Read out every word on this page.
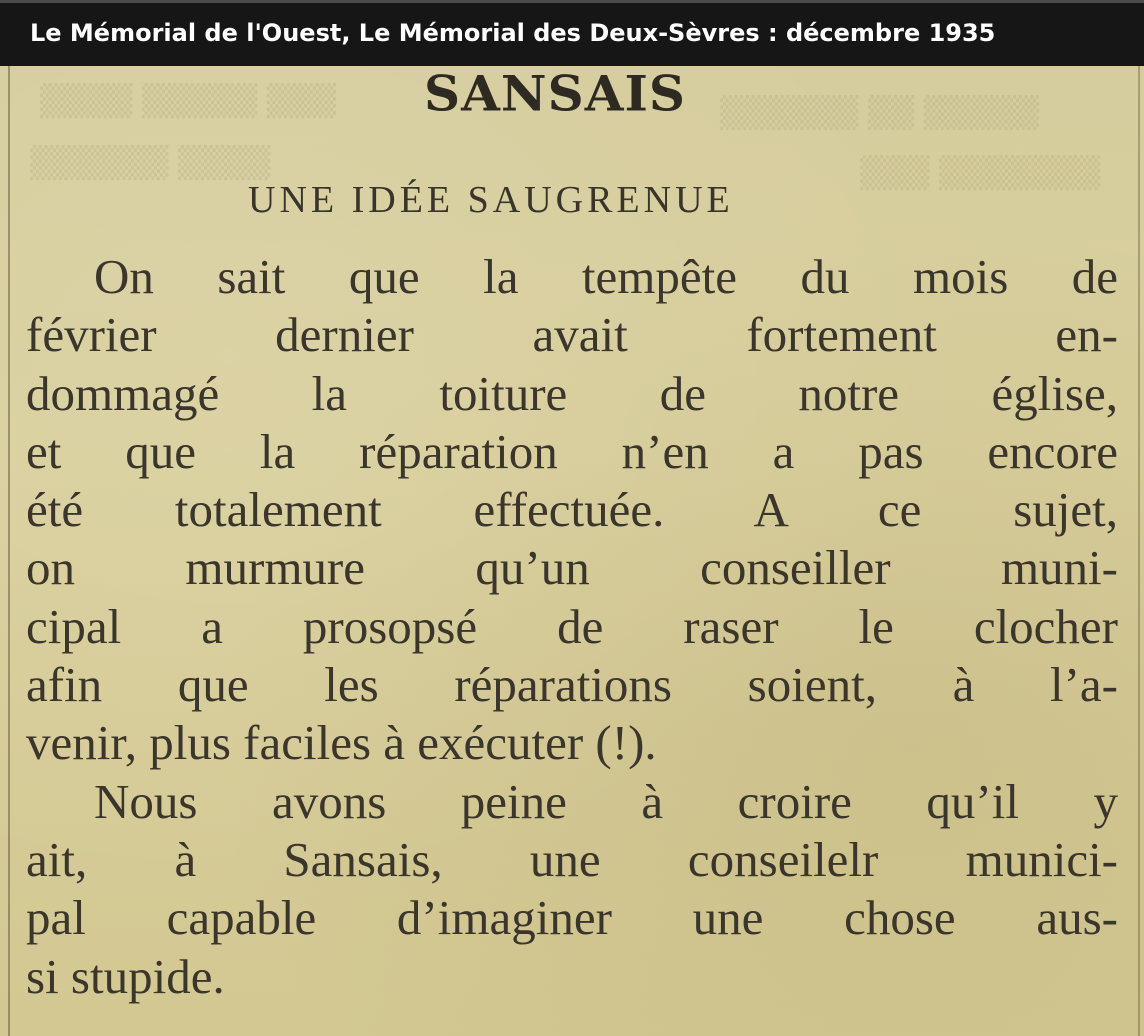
Le Mémorial de l'Ouest, Le Mémorial des Deux-Sèvres : décembre 1935
▒▒▒ ▒▒▒▒▒ ▒▒▒▒	▒▒▒▒▒ ▒▒ ▒▒▒▒▒▒
▒▒▒▒ ▒▒▒▒▒▒	▒▒▒▒▒▒▒ ▒▒▒
SANSAIS
UNE IDÉE SAUGRENUE
On sait que la tempête du mois de
février dernier avait fortement en-
dommagé la toiture de notre église,
et que la réparation n’en a pas encore
été totalement effectuée. A ce sujet,
on murmure qu’un conseiller muni-
cipal a prosopsé de raser le clocher
afin que les réparations soient, à l’a-
venir, plus faciles à exécuter (!).
Nous avons peine à croire qu’il y
ait, à Sansais, une conseilelr munici-
pal capable d’imaginer une chose aus-
si stupide.
